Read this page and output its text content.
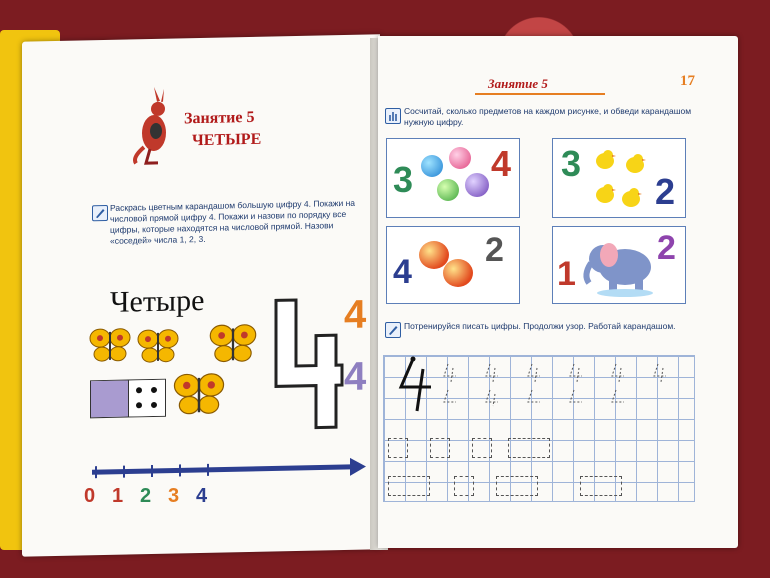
Занятие 5
ЧЕТЫРЕ
Раскрась цветным карандашом большую цифру 4. Покажи на числовой прямой цифру 4. Покажи и назови по порядку все цифры, которые находятся на числовой прямой. Назови «соседей» числа 1, 2, 3.
Четыре	4
4
0 1 2 3 4
Занятие 5	17
Сосчитай, сколько предметов на каждом рисунке, и обведи карандашом нужную цифру.
3 4 3
2
4
2
1
2
Потренируйся писать цифры. Продолжи узор. Работай карандашом.
